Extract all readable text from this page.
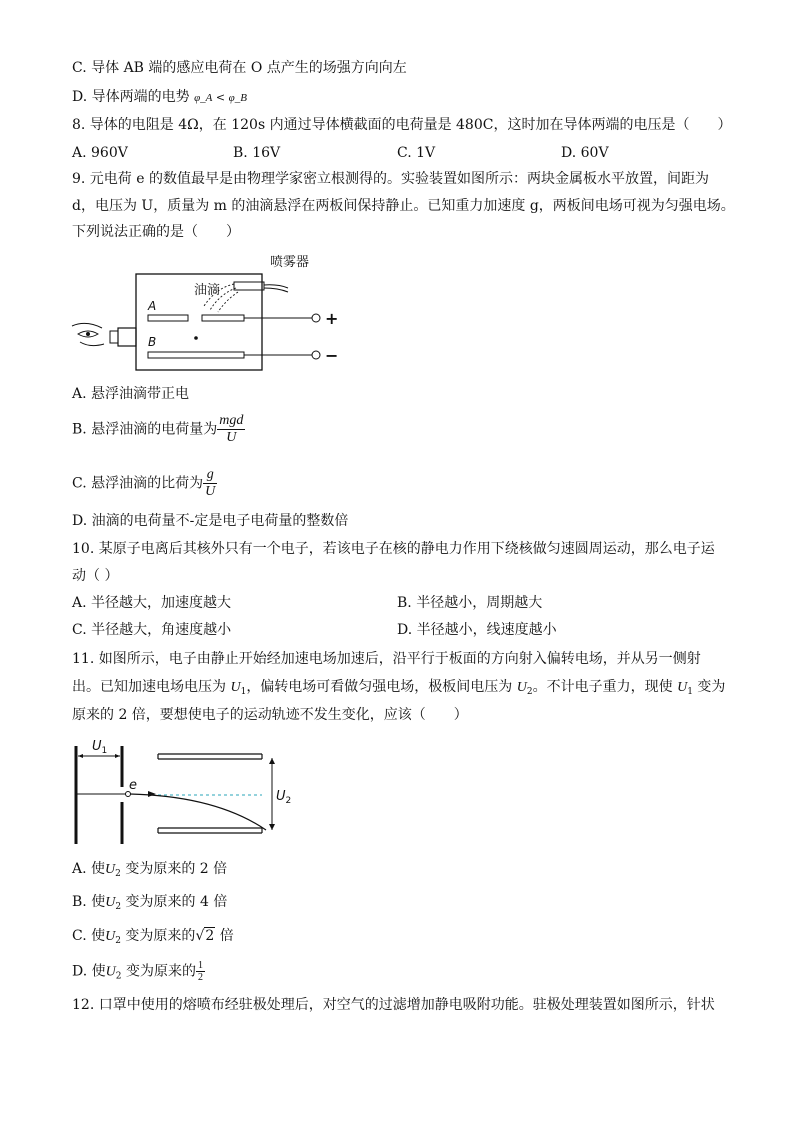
C. 导体 AB 端的感应电荷在 O 点产生的场强方向向左
D. 导体两端的电势 φ_A < φ_B
8. 导体的电阻是 4Ω，在 120s 内通过导体横截面的电荷量是 480C，这时加在导体两端的电压是（　　）
A. 960V	B. 16V	C. 1V	D. 60V
9. 元电荷 e 的数值最早是由物理学家密立根测得的。实验装置如图所示：两块金属板水平放置，间距为
d，电压为 U，质量为 m 的油滴悬浮在两板间保持静止。已知重力加速度 g，两板间电场可视为匀强电场。
下列说法正确的是（　　）
喷雾器
油滴
A
+
B
−
A. 悬浮油滴带正电
B. 悬浮油滴的电荷量为 $\frac{\text{mgd}}{U}$
C. 悬浮油滴的比荷为 $\frac{g}{U}$
D. 油滴的电荷量不-定是电子电荷量的整数倍
10. 某原子电离后其核外只有一个电子，若该电子在核的静电力作用下绕核做匀速圆周运动，那么电子运
动（ ）
A. 半径越大，加速度越大	B. 半径越小，周期越大
C. 半径越大，角速度越小	D. 半径越小，线速度越小
11. 如图所示，电子由静止开始经加速电场加速后，沿平行于板面的方向射入偏转电场，并从另一侧射
出。已知加速电场电压为 $U_1$，偏转电场可看做匀强电场，极板间电压为 $U_2$。不计电子重力，现使 $U_1$ 变为
原来的 2 倍，要想使电子的运动轨迹不发生变化，应该（　　）
$U_1$
e
$U_2$
A. 使$U_2$ 变为原来的 2 倍
B. 使$U_2$ 变为原来的 4 倍
C. 使$U_2$ 变为原来的√2 倍
D. 使$U_2$ 变为原来的 $\frac{1}{2}$
12. 口罩中使用的熔喷布经驻极处理后，对空气的过滤增加静电吸附功能。驻极处理装置如图所示，针状
